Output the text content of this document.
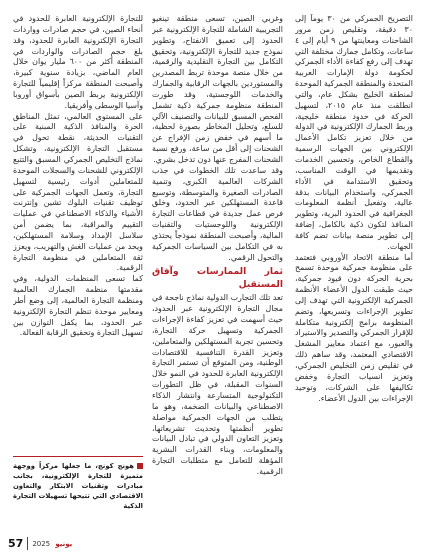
التصريح الجمركي من ٣٠ يوماً إلى ٣٠ دقيقة، وتقليص زمن مرور الشاحنات ومعاينتها من ٩ أيام إلى ٤ ساعات، وتكامل جمارك مختلفة التي تهدف إلى رفع كفاءة الأداء الجمركي لحكومة دولة الإمارات العربية المتحدة والمنطقة الجمركية الموحدة لمنطقة الخليج بشكل عام، والتي انطلقت منذ عام ٢٠١٥، لتسهيل الحركة في حدود منطقة خليجية، وربط الجمارك الإلكترونية في الدولة من خلال تعزيز تكامل الأعمال الإلكتروني بين الجهات الرسمية والقطاع الخاص، وتحسين الخدمات وتقديمها في الوقت المناسب، وتحقيق الاستدامة في الأداء الجمركي، واستخدام البيانات بدقة عالية، وتفعيل أنظمة المعلومات الجغرافية في الحدود البرية، وتطوير المنافذ لتكون ذكية بالكامل، إضافة إلى تطوير منصة بيانات تضم كافة الجهات.

أما منطقة الاتحاد الأوروبي فتعتمد على منظومة جمركية موحدة تسمح بحرية الحركة دون قيود جمركية، حيث طبقت الدول الأعضاء الأنظمة الجمركية الإلكترونية التي تهدف إلى تطوير الإجراءات وتسريعها، وتضم المنظومة برامج إلكترونية متكاملة للإقرار الجمركي والتصدير والاستيراد والعبور، مع اعتماد معايير المشغل الاقتصادي المعتمد، وقد ساهم ذلك في تقليص زمن التخليص الجمركي، وتعزيز انسياب التجارة وخفض تكاليفها على الشركات، وتوحيد الإجراءات بين الدول الأعضاء.

وغربي الصين، تسعى منطقة تينغيو التجريبية الشاملة للتجارة الإلكترونية عبر الحدود إلى تعميق الانفتاح، وتطوير نموذج جديد للتجارة الإلكترونية، وتحقيق التكامل بين التجارة التقليدية والرقمية، من خلال منصة موحدة تربط المصدرين والمستوردين بالجهات الرقابية والجمارك والخدمات اللوجستية، وقد طورت المنطقة منظومة جمركية ذكية تشمل الفحص المسبق للبيانات والتصنيف الآلي للسلع، وتحليل المخاطر بصورة لحظية، ما أسهم في خفض زمن الإفراج عن الشحنات إلى أقل من ساعة، ورفع نسبة الشحنات المفرج عنها دون تدخل بشري.

وقد ساعدت تلك الخطوات في جذب الشركات العالمية الكبرى، وتنمية الصادرات الصغيرة والمتوسطة، وتوسيع قاعدة المستهلكين عبر الحدود، وخلق فرص عمل جديدة في قطاعات التجارة الإلكترونية واللوجستيات والتقنيات المالية، وأصبحت المنطقة نموذجاً يحتذى به في التكامل بين السياسات الجمركية والتحول الرقمي.

ثمار الممارسات وآفاق المستقبل

تعد تلك التجارب الدولية نماذج ناجحة في مجال التجارة الإلكترونية عبر الحدود، حيث أسهمت في تعزيز كفاءة الإجراءات الجمركية وتسهيل حركة التجارة، وتحسين تجربة المستهلكين والمتعاملين، وتعزيز القدرة التنافسية للاقتصادات الوطنية، ومن المتوقع أن تستمر التجارة الإلكترونية العابرة للحدود في النمو خلال السنوات المقبلة، في ظل التطورات التكنولوجية المتسارعة وانتشار الذكاء الاصطناعي والبيانات الضخمة، وهو ما يتطلب من الجهات الجمركية مواصلة تطوير أنظمتها وتحديث تشريعاتها، وتعزيز التعاون الدولي في تبادل البيانات والمعلومات، وبناء القدرات البشرية المؤهلة للتعامل مع متطلبات التجارة الرقمية.

للتجارة الإلكترونية العابرة للحدود في أنحاء الصين، في حجم صادرات وواردات التجارة الإلكترونية العابرة للحدود، وقد بلغ حجم الصادرات والواردات في المنطقة أكثر من ٦٠٠ مليار يوان خلال العام الماضي، بزيادة سنوية كبيرة، وأصبحت المنطقة مركزاً إقليمياً للتجارة الإلكترونية يربط الصين بأسواق أوروبا وآسيا الوسطى وأفريقيا.

على المستوى العالمي، تمثل المناطق الحرة والمنافذ الذكية المبنية على التقنيات الحديثة، نقطة تحول في مستقبل التجارة الإلكترونية، وتشكل نماذج التخليص الجمركي المسبق والتتبع الإلكتروني للشحنات والسجلات الموحدة للمتعاملين أدوات رئيسية لتسهيل التجارة، وتعمل الجهات الجمركية على توظيف تقنيات البلوك تشين وإنترنت الأشياء والذكاء الاصطناعي في عمليات التقييم والمراقبة، بما يضمن أمن سلاسل الإمداد وسلامة المستهلكين، ويحد من عمليات الغش والتهريب، ويعزز ثقة المتعاملين في منظومة التجارة الرقمية.

كما تسعى المنظمات الدولية، وفي مقدمتها منظمة الجمارك العالمية ومنظمة التجارة العالمية، إلى وضع أطر ومعايير موحدة تنظم التجارة الإلكترونية عبر الحدود، بما يكفل التوازن بين تسهيل التجارة وتحقيق الرقابة الفعالة.

هونج كونج، ما جعلها مركزاً ووجهة متميزة للتجارة الإلكترونية، بجانب مبادرات وتقنيات الابتكار والتعاون الاقتصادي التي تتيحها تسهيلات التجارة الذكية
57 2025 يونيو
